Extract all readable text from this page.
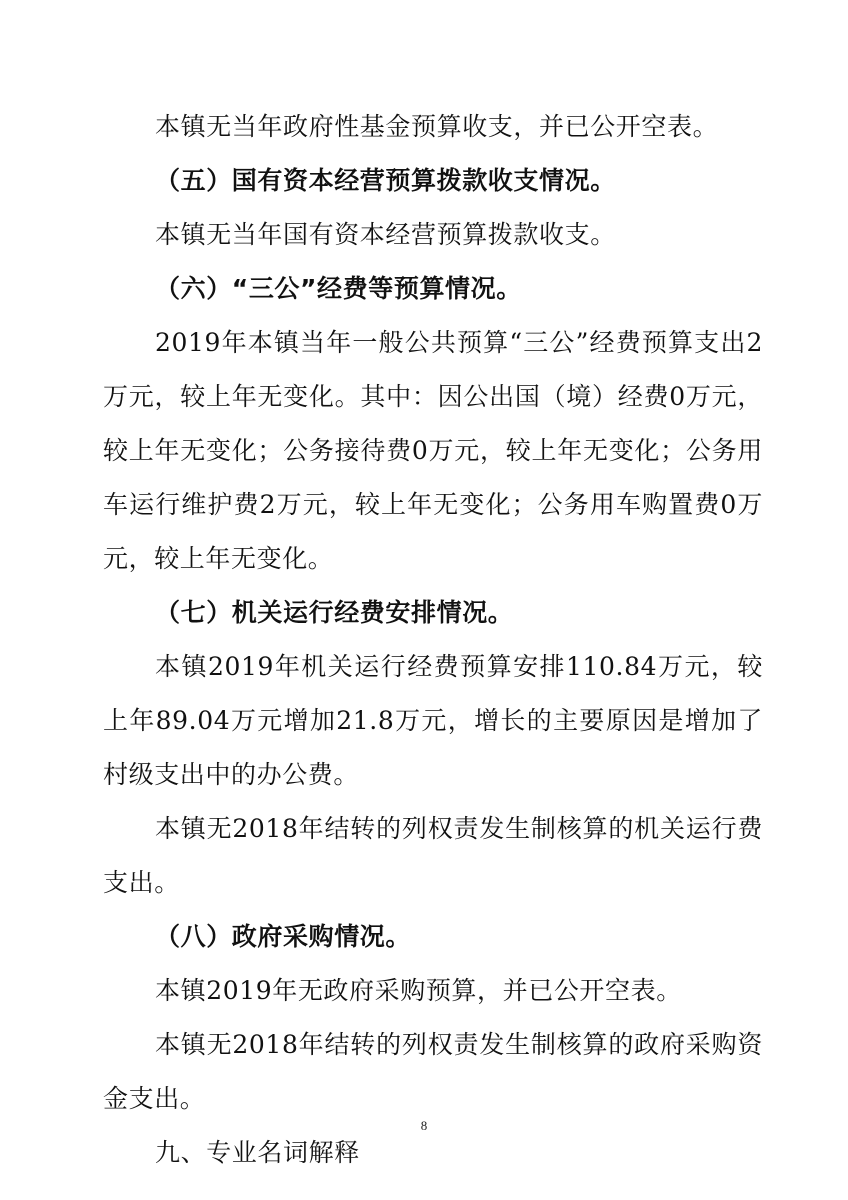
本镇无当年政府性基金预算收支，并已公开空表。

（五）国有资本经营预算拨款收支情况。

本镇无当年国有资本经营预算拨款收支。

（六）“三公”经费等预算情况。

2019年本镇当年一般公共预算“三公”经费预算支出2万元，较上年无变化。其中：因公出国（境）经费0万元，较上年无变化；公务接待费0万元，较上年无变化；公务用车运行维护费2万元，较上年无变化；公务用车购置费0万元，较上年无变化。

（七）机关运行经费安排情况。

本镇2019年机关运行经费预算安排110.84万元，较上年89.04万元增加21.8万元，增长的主要原因是增加了村级支出中的办公费。

本镇无2018年结转的列权责发生制核算的机关运行费支出。

（八）政府采购情况。

本镇2019年无政府采购预算，并已公开空表。

本镇无2018年结转的列权责发生制核算的政府采购资金支出。

九、专业名词解释

8
